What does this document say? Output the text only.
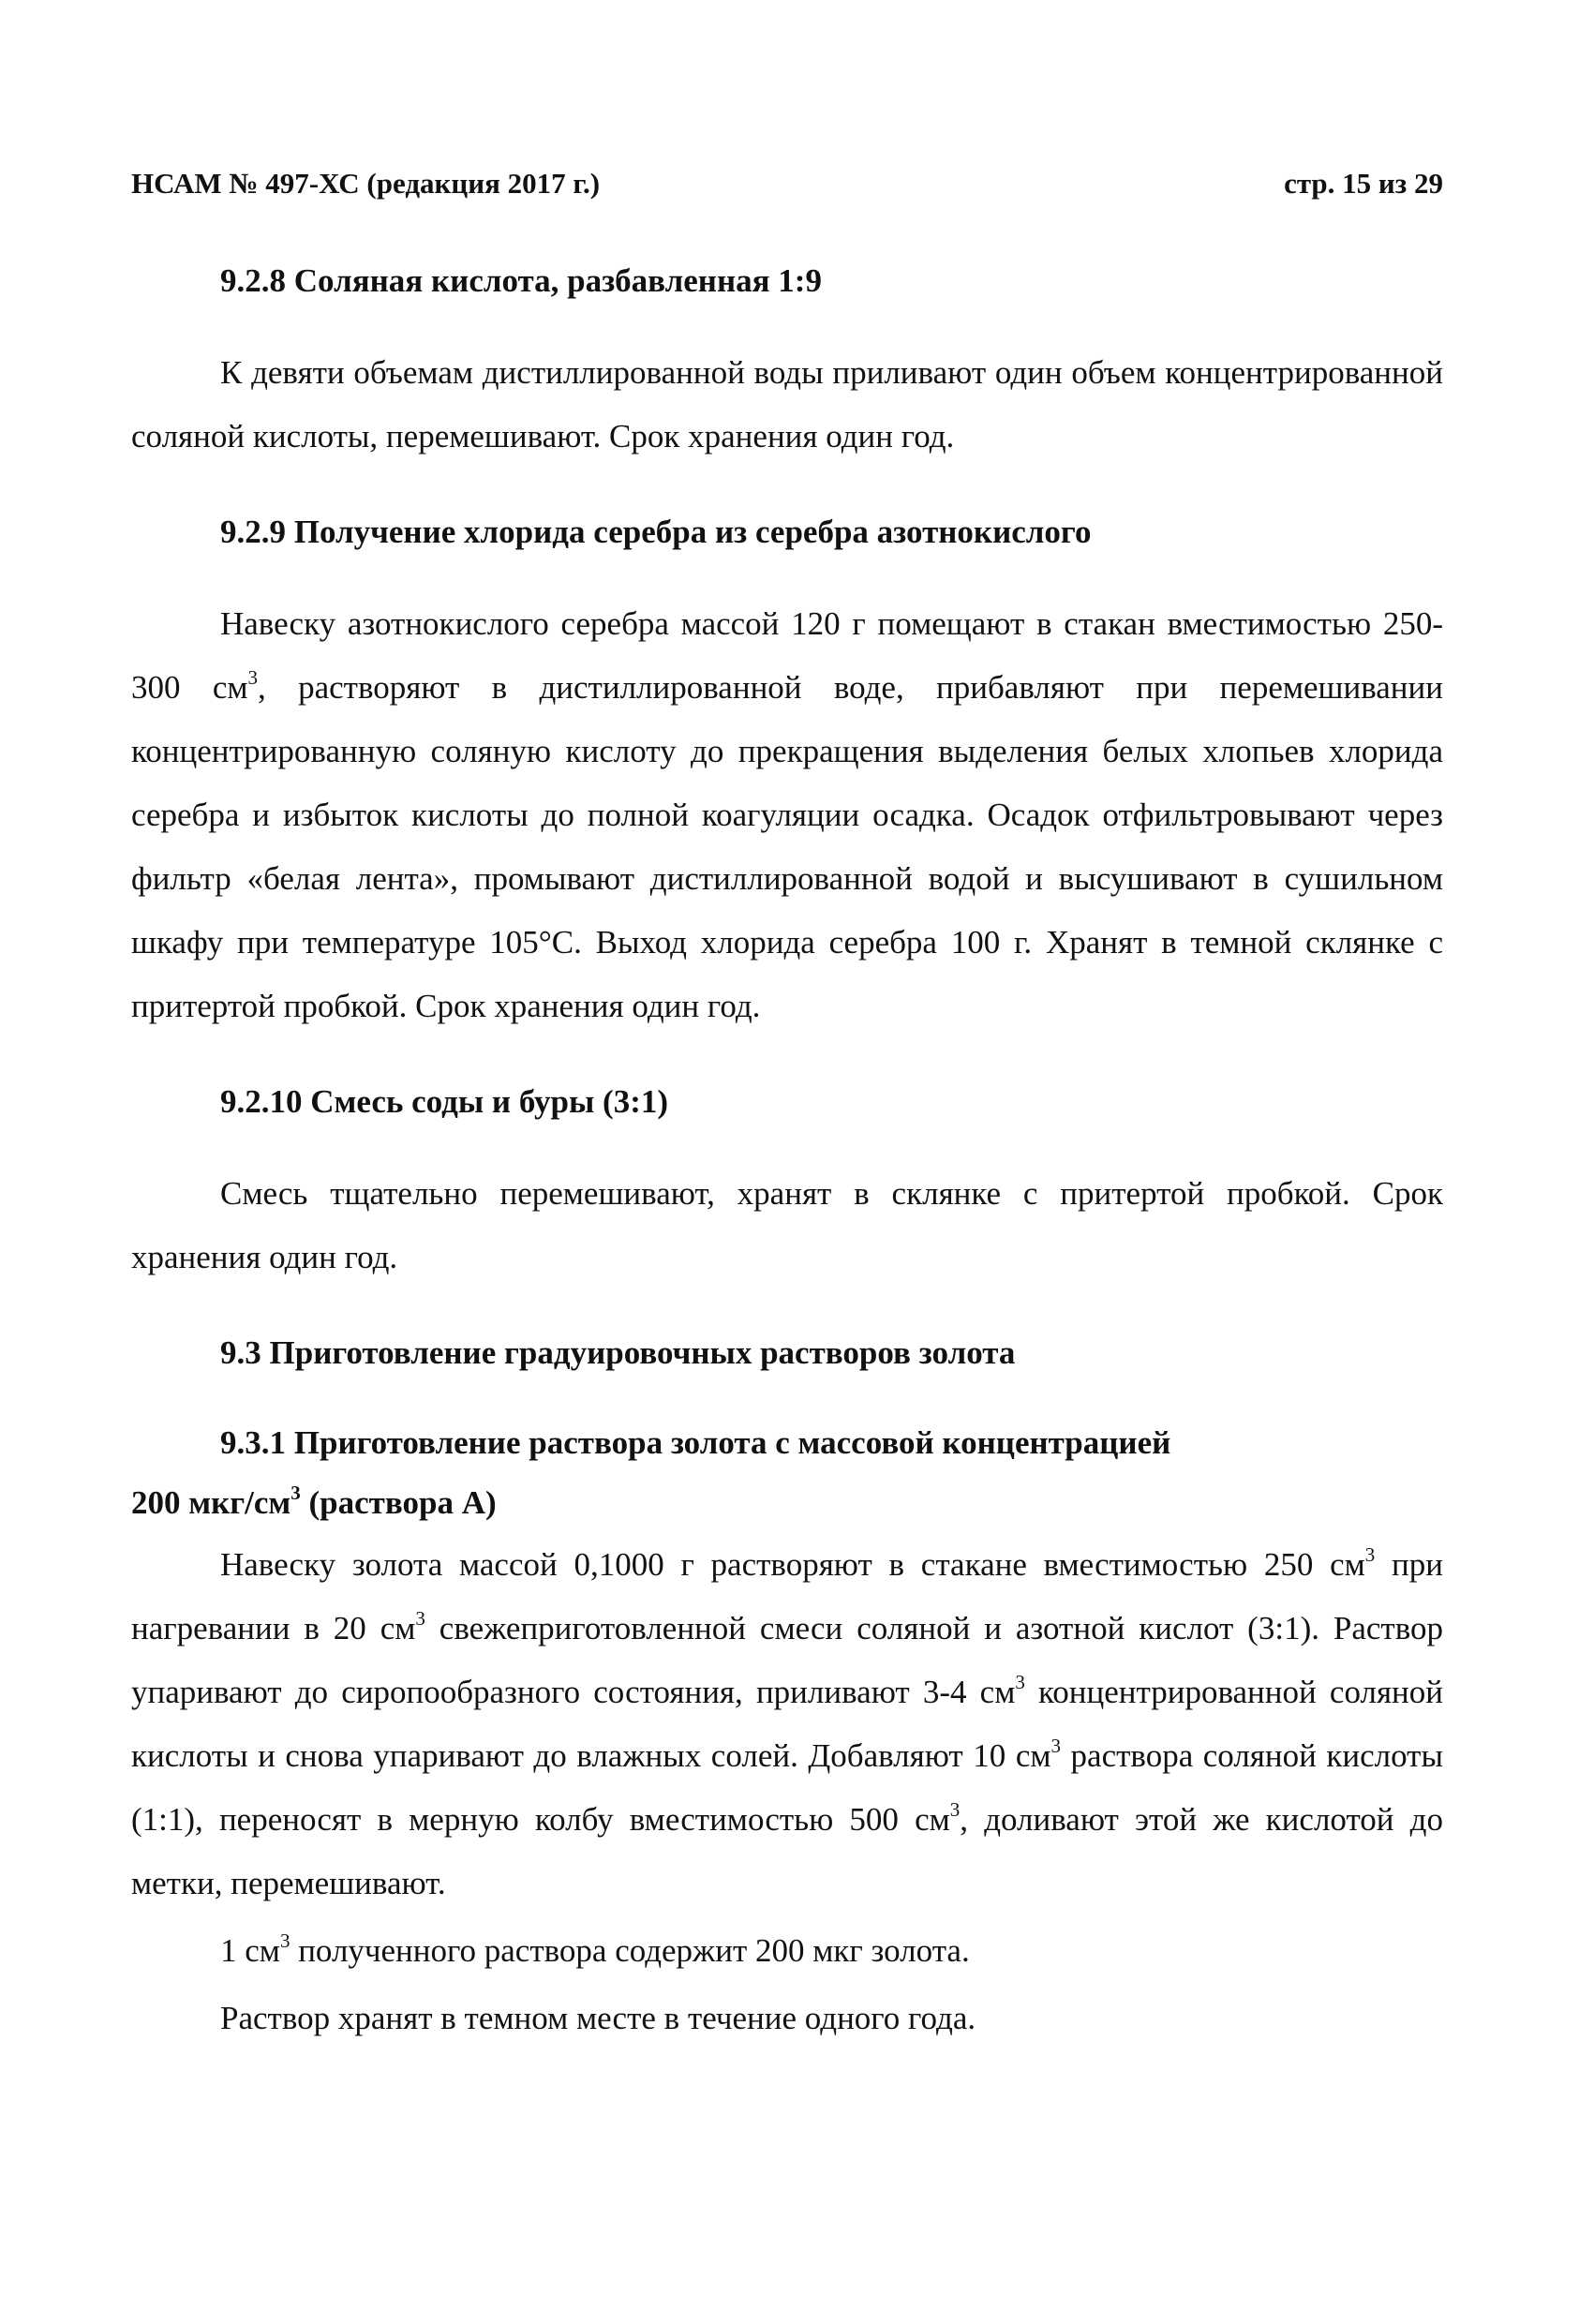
НСАМ № 497-ХС (редакция 2017 г.)	стр. 15 из 29
9.2.8 Соляная кислота, разбавленная 1:9
К девяти объемам дистиллированной воды приливают один объем концентрированной соляной кислоты, перемешивают. Срок хранения один год.
9.2.9 Получение хлорида серебра из серебра азотнокислого
Навеску азотнокислого серебра массой 120 г помещают в стакан вместимостью 250-300 $см^3$, растворяют в дистиллированной воде, прибавляют при перемешивании концентрированную соляную кислоту до прекращения выделения белых хлопьев хлорида серебра и избыток кислоты до полной коагуляции осадка. Осадок отфильтровывают через фильтр «белая лента», промывают дистиллированной водой и высушивают в сушильном шкафу при температуре 105°С. Выход хлорида серебра 100 г. Хранят в темной склянке с притертой пробкой. Срок хранения один год.
9.2.10 Смесь соды и буры (3:1)
Смесь тщательно перемешивают, хранят в склянке с притертой пробкой. Срок хранения один год.
9.3 Приготовление градуировочных растворов золота
9.3.1 Приготовление раствора золота с массовой концентрацией
200 мкг/$см^3$ (раствора А)
Навеску золота массой 0,1000 г растворяют в стакане вместимостью 250 $см^3$ при нагревании в 20 $см^3$ свежеприготовленной смеси соляной и азотной кислот (3:1). Раствор упаривают до сиропообразного состояния, приливают 3-4 $см^3$ концентрированной соляной кислоты и снова упаривают до влажных солей. Добавляют 10 $см^3$ раствора соляной кислоты (1:1), переносят в мерную колбу вместимостью 500 $см^3$, доливают этой же кислотой до метки, перемешивают.
1 $см^3$ полученного раствора содержит 200 мкг золота.
Раствор хранят в темном месте в течение одного года.
